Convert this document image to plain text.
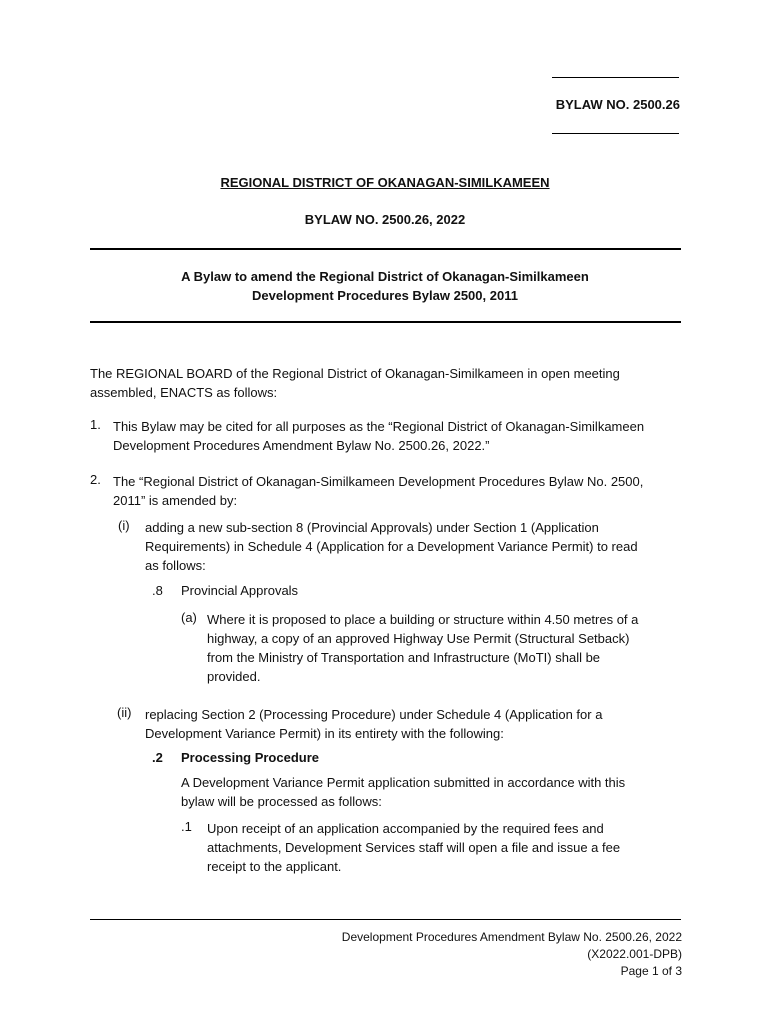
BYLAW NO. 2500.26
REGIONAL DISTRICT OF OKANAGAN-SIMILKAMEEN
BYLAW NO. 2500.26, 2022
A Bylaw to amend the Regional District of Okanagan-Similkameen
Development Procedures Bylaw 2500, 2011
The REGIONAL BOARD of the Regional District of Okanagan-Similkameen in open meeting
assembled, ENACTS as follows:
1. This Bylaw may be cited for all purposes as the “Regional District of Okanagan-Similkameen
Development Procedures Amendment Bylaw No. 2500.26, 2022.”
2. The “Regional District of Okanagan-Similkameen Development Procedures Bylaw No. 2500,
2011” is amended by:
(i) adding a new sub-section 8 (Provincial Approvals) under Section 1 (Application
Requirements) in Schedule 4 (Application for a Development Variance Permit) to read
as follows:
.8 Provincial Approvals
(a) Where it is proposed to place a building or structure within 4.50 metres of a
highway, a copy of an approved Highway Use Permit (Structural Setback)
from the Ministry of Transportation and Infrastructure (MoTI) shall be
provided.
(ii) replacing Section 2 (Processing Procedure) under Schedule 4 (Application for a
Development Variance Permit) in its entirety with the following:
.2 Processing Procedure
A Development Variance Permit application submitted in accordance with this
bylaw will be processed as follows:
.1 Upon receipt of an application accompanied by the required fees and
attachments, Development Services staff will open a file and issue a fee
receipt to the applicant.
Development Procedures Amendment Bylaw No. 2500.26, 2022
(X2022.001-DPB)
Page 1 of 3
